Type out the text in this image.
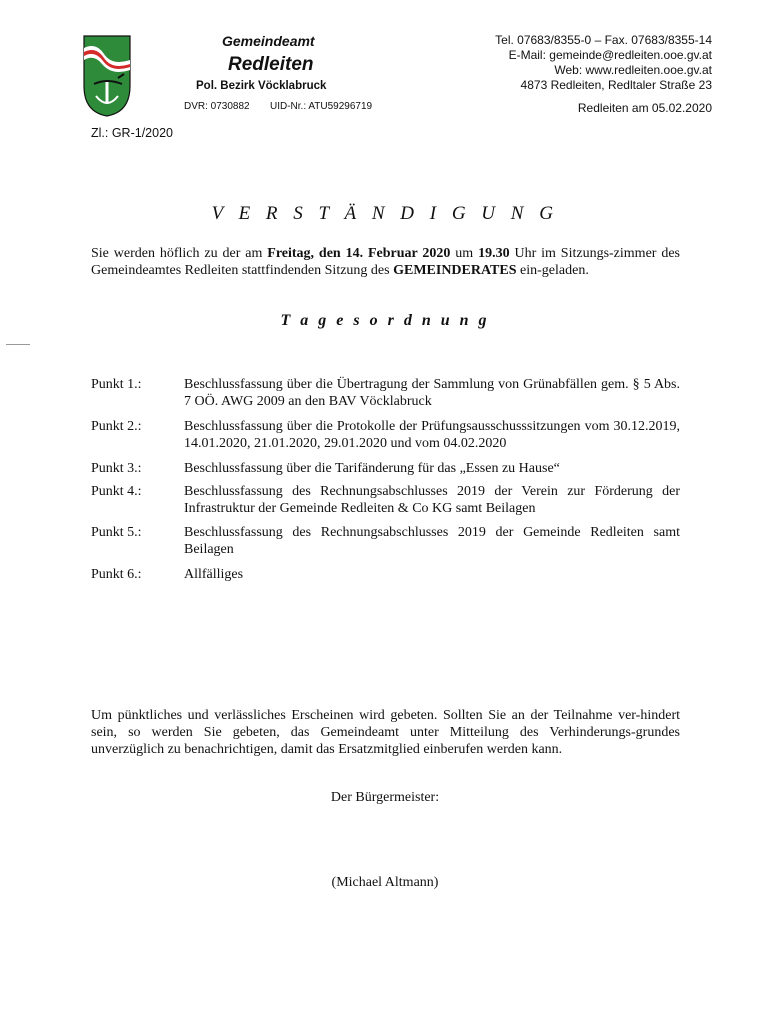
Gemeindeamt
Redleiten
Pol. Bezirk Vöcklabruck
DVR: 0730882 UID-Nr.: ATU59296719
Tel. 07683/8355-0 – Fax. 07683/8355-14
E-Mail: gemeinde@redleiten.ooe.gv.at
Web: www.redleiten.ooe.gv.at
4873 Redleiten, Redltaler Straße 23
Redleiten am 05.02.2020
Zl.: GR-1/2020
V E R S T Ä N D I G U N G
Sie werden höflich zu der am Freitag, den 14. Februar 2020 um 19.30 Uhr im Sitzungs-zimmer des Gemeindeamtes Redleiten stattfindenden Sitzung des GEMEINDERATES ein-geladen.
T a g e s o r d n u n g
Punkt 1.:	Beschlussfassung über die Übertragung der Sammlung von Grünabfällen gem. § 5 Abs. 7 OÖ. AWG 2009 an den BAV Vöcklabruck
Punkt 2.:	Beschlussfassung über die Protokolle der Prüfungsausschusssitzungen vom 30.12.2019, 14.01.2020, 21.01.2020, 29.01.2020 und vom 04.02.2020
Punkt 3.:	Beschlussfassung über die Tarifänderung für das „Essen zu Hause“
Punkt 4.:	Beschlussfassung des Rechnungsabschlusses 2019 der Verein zur Förderung der Infrastruktur der Gemeinde Redleiten & Co KG samt Beilagen
Punkt 5.:	Beschlussfassung des Rechnungsabschlusses 2019 der Gemeinde Redleiten samt Beilagen
Punkt 6.:	Allfälliges
Um pünktliches und verlässliches Erscheinen wird gebeten. Sollten Sie an der Teilnahme ver-hindert sein, so werden Sie gebeten, das Gemeindeamt unter Mitteilung des Verhinderungs-grundes unverzüglich zu benachrichtigen, damit das Ersatzmitglied einberufen werden kann.
Der Bürgermeister:
(Michael Altmann)
